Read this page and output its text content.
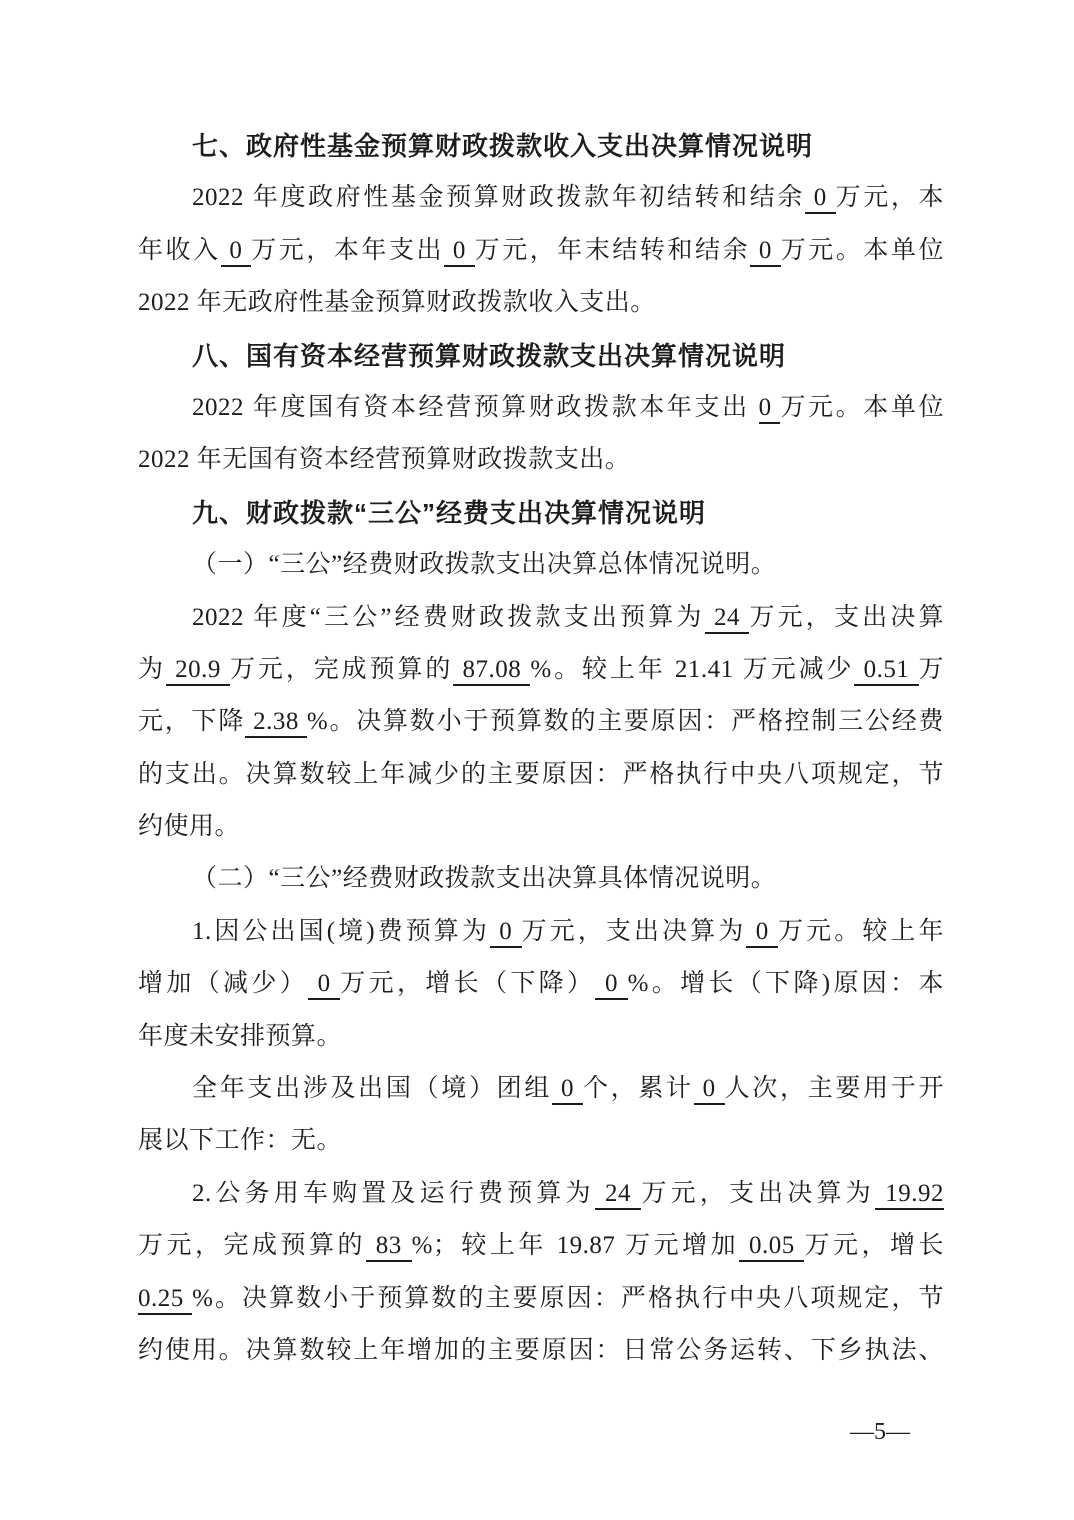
七、政府性基金预算财政拨款收入支出决算情况说明
2022 年度政府性基金预算财政拨款年初结转和结余 0 万元，本
年收入 0 万元，本年支出 0 万元，年末结转和结余 0 万元。本单位
2022 年无政府性基金预算财政拨款收入支出。
八、国有资本经营预算财政拨款支出决算情况说明
2022 年度国有资本经营预算财政拨款本年支出 0 万元。本单位
2022 年无国有资本经营预算财政拨款支出。
九、财政拨款“三公”经费支出决算情况说明
（一）“三公”经费财政拨款支出决算总体情况说明。
2022 年度“三公”经费财政拨款支出预算为 24 万元，支出决算
为 20.9 万元，完成预算的 87.08 %。较上年 21.41 万元减少 0.51 万
元，下降 2.38 %。决算数小于预算数的主要原因：严格控制三公经费
的支出。决算数较上年减少的主要原因：严格执行中央八项规定，节
约使用。
（二）“三公”经费财政拨款支出决算具体情况说明。
1.因公出国(境)费预算为 0 万元，支出决算为 0 万元。较上年
增加（减少） 0 万元，增长（下降） 0 %。增长（下降)原因：本
年度未安排预算。
全年支出涉及出国（境）团组 0 个，累计 0 人次，主要用于开
展以下工作：无。
2.公务用车购置及运行费预算为 24 万元，支出决算为 19.92
万元，完成预算的 83 %；较上年 19.87 万元增加 0.05 万元，增长
0.25 %。决算数小于预算数的主要原因：严格执行中央八项规定，节
约使用。决算数较上年增加的主要原因：日常公务运转、下乡执法、
—5—
